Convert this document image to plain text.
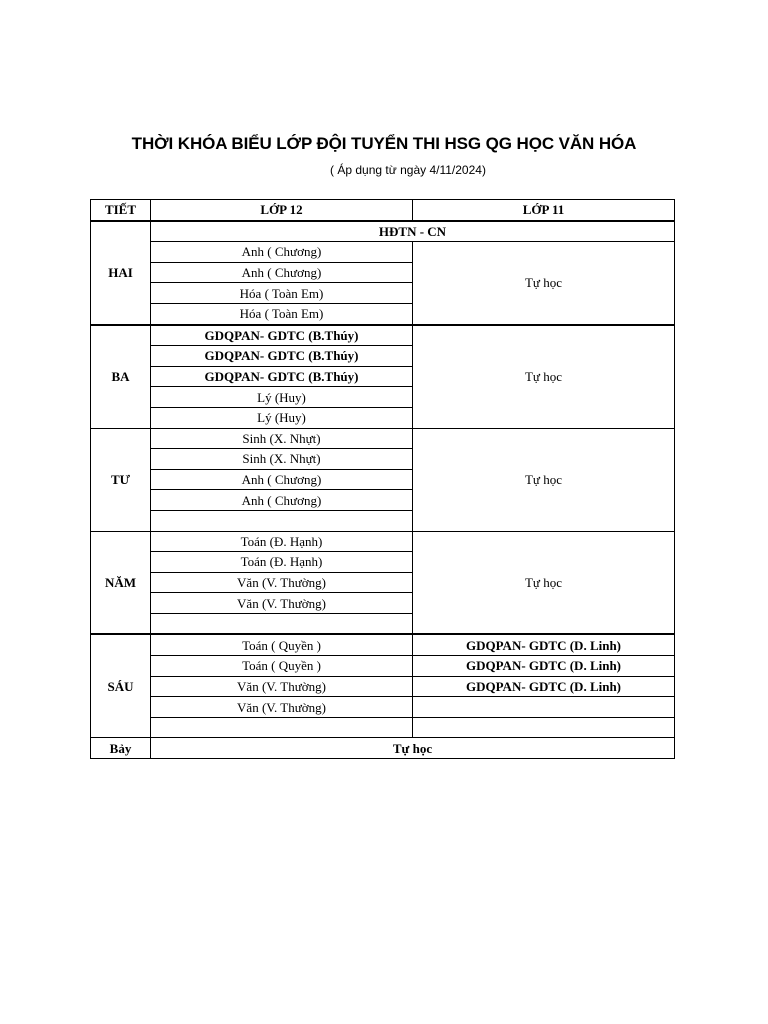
THỜI KHÓA BIỂU LỚP ĐỘI TUYỂN THI HSG QG HỌC VĂN HÓA
( Áp dụng từ ngày 4/11/2024)
TIẾT	LỚP 12	LỚP 11
HAI	HĐTN - CN	
	Anh ( Chương)	Tự học
	Anh ( Chương)	
	Hóa ( Toàn Em)	
	Hóa ( Toàn Em)	
BA	GDQPAN- GDTC (B.Thúy)	Tự học
	GDQPAN- GDTC (B.Thúy)	
	GDQPAN- GDTC (B.Thúy)	
	Lý (Huy)	
	Lý (Huy)	
TƯ	Sinh (X. Nhựt)	Tự học
	Sinh (X. Nhựt)	
	Anh ( Chương)	
	Anh ( Chương)	

NĂM	Toán (Đ. Hạnh)	Tự học
	Toán (Đ. Hạnh)	
	Văn (V. Thường)	
	Văn (V. Thường)	

SÁU	Toán ( Quyền )	GDQPAN- GDTC (D. Linh)
	Toán ( Quyền )	GDQPAN- GDTC (D. Linh)
	Văn (V. Thường)	GDQPAN- GDTC (D. Linh)
	Văn (V. Thường)	

Bảy	Tự học	
